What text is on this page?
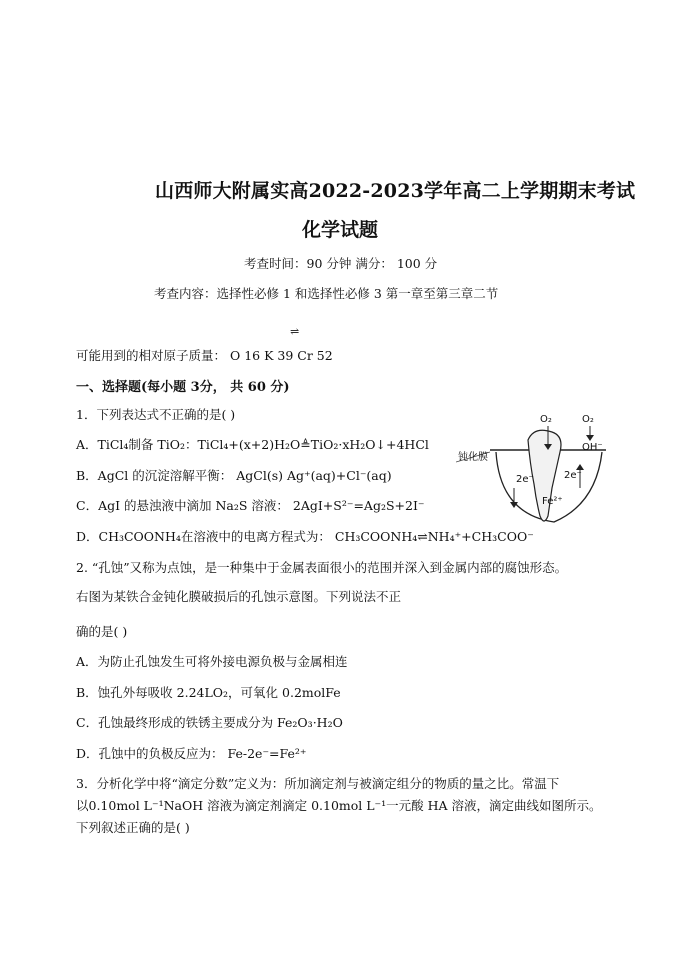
山西师大附属实高2022-2023学年高二上学期期末考试
化学试题
考查时间：90 分钟 满分： 100 分
考查内容：选择性必修 1 和选择性必修 3 第一章至第三章二节
⇌
可能用到的相对原子质量： O 16 K 39 Cr 52
一、选择题(每小题 3分， 共 60 分)
1．下列表达式不正确的是( )
A．TiCl₄制备 TiO₂：TiCl₄+(x+2)H₂O≜TiO₂·xH₂O↓+4HCl
B．AgCl 的沉淀溶解平衡： AgCl(s) Ag⁺(aq)+Cl⁻(aq)
C．AgI 的悬浊液中滴加 Na₂S 溶液： 2AgI+S²⁻=Ag₂S+2I⁻
D．CH₃COONH₄在溶液中的电离方程式为： CH₃COONH₄⇌NH₄⁺+CH₃COO⁻
O₂	O₂
OH⁻
钝化膜
2e⁻	2e⁻
Fe²⁺
2. “孔蚀”又称为点蚀，是一种集中于金属表面很小的范围并深入到金属内部的腐蚀形态。
右图为某铁合金钝化膜破损后的孔蚀示意图。下列说法不正
确的是( )
A．为防止孔蚀发生可将外接电源负极与金属相连
B．蚀孔外每吸收 2.24LO₂，可氧化 0.2molFe
C．孔蚀最终形成的铁锈主要成分为 Fe₂O₃·H₂O
D．孔蚀中的负极反应为： Fe-2e⁻=Fe²⁺
3．分析化学中将“滴定分数”定义为：所加滴定剂与被滴定组分的物质的量之比。常温下
以0.10mol L⁻¹NaOH 溶液为滴定剂滴定 0.10mol L⁻¹一元酸 HA 溶液，滴定曲线如图所示。
下列叙述正确的是( )
